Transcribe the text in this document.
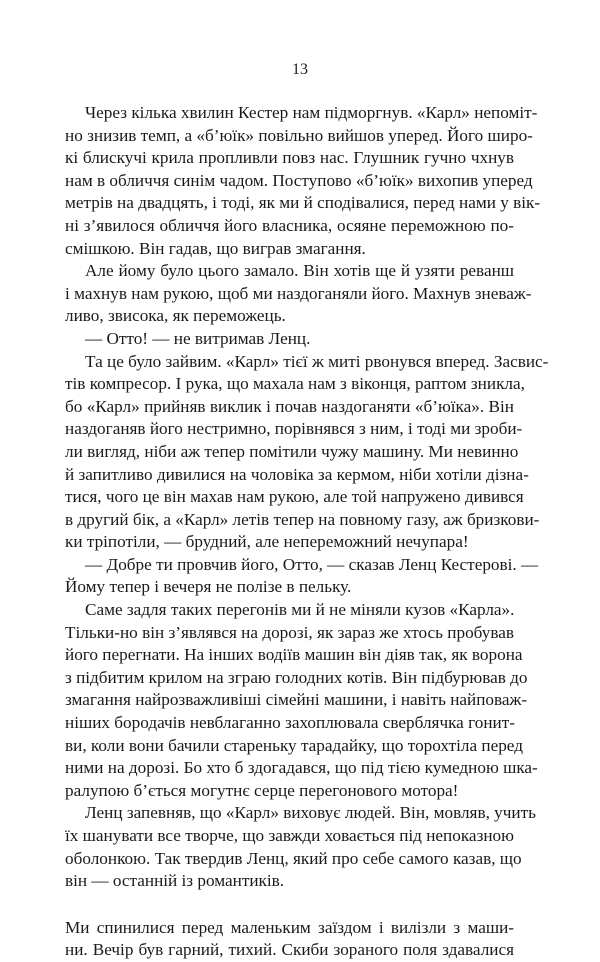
13
Через кілька хвилин Кестер нам підморгнув. «Карл» непоміт-
но знизив темп, а «б’юїк» повільно вийшов уперед. Його широ-
кі блискучі крила пропливли повз нас. Глушник гучно чхнув
нам в обличчя синім чадом. Поступово «б’юїк» вихопив уперед
метрів на двадцять, і тоді, як ми й сподівалися, перед нами у вік-
ні з’явилося обличчя його власника, осяяне переможною по-
смішкою. Він гадав, що виграв змагання.
Але йому було цього замало. Він хотів ще й узяти реванш
і махнув нам рукою, щоб ми наздоганяли його. Махнув зневаж-
ливо, звисока, як переможець.
— Отто! — не витримав Ленц.
Та це було зайвим. «Карл» тієї ж миті рвонувся вперед. Засвис-
тів компресор. І рука, що махала нам з віконця, раптом зникла,
бо «Карл» прийняв виклик і почав наздоганяти «б’юїка». Він
наздоганяв його нестримно, порівнявся з ним, і тоді ми зроби-
ли вигляд, ніби аж тепер помітили чужу машину. Ми невинно
й запитливо дивилися на чоловіка за кермом, ніби хотіли дізна-
тися, чого це він махав нам рукою, але той напружено дивився
в другий бік, а «Карл» летів тепер на повному газу, аж бризкови-
ки тріпотіли, — брудний, але непереможний нечупара!
— Добре ти провчив його, Отто, — сказав Ленц Кестерові. —
Йому тепер і вечеря не полізе в пельку.
Саме задля таких перегонів ми й не міняли кузов «Карла».
Тільки-но він з’являвся на дорозі, як зараз же хтось пробував
його перегнати. На інших водіїв машин він діяв так, як ворона
з підбитим крилом на зграю голодних котів. Він підбурював до
змагання найрозважливіші сімейні машини, і навіть найповаж-
ніших бородачів невблаганно захоплювала сверблячка гонит-
ви, коли вони бачили стареньку тарадайку, що торохтіла перед
ними на дорозі. Бо хто б здогадався, що під тією кумедною шка-
ралупою б’ється могутнє серце перегонового мотора!
Ленц запевняв, що «Карл» виховує людей. Він, мовляв, учить
їх шанувати все творче, що завжди ховається під непоказною
оболонкою. Так твердив Ленц, який про себе самого казав, що
він — останній із романтиків.
Ми спинилися перед маленьким заїздом і вилізли з маши-
ни. Вечір був гарний, тихий. Скиби зораного поля здавалися
